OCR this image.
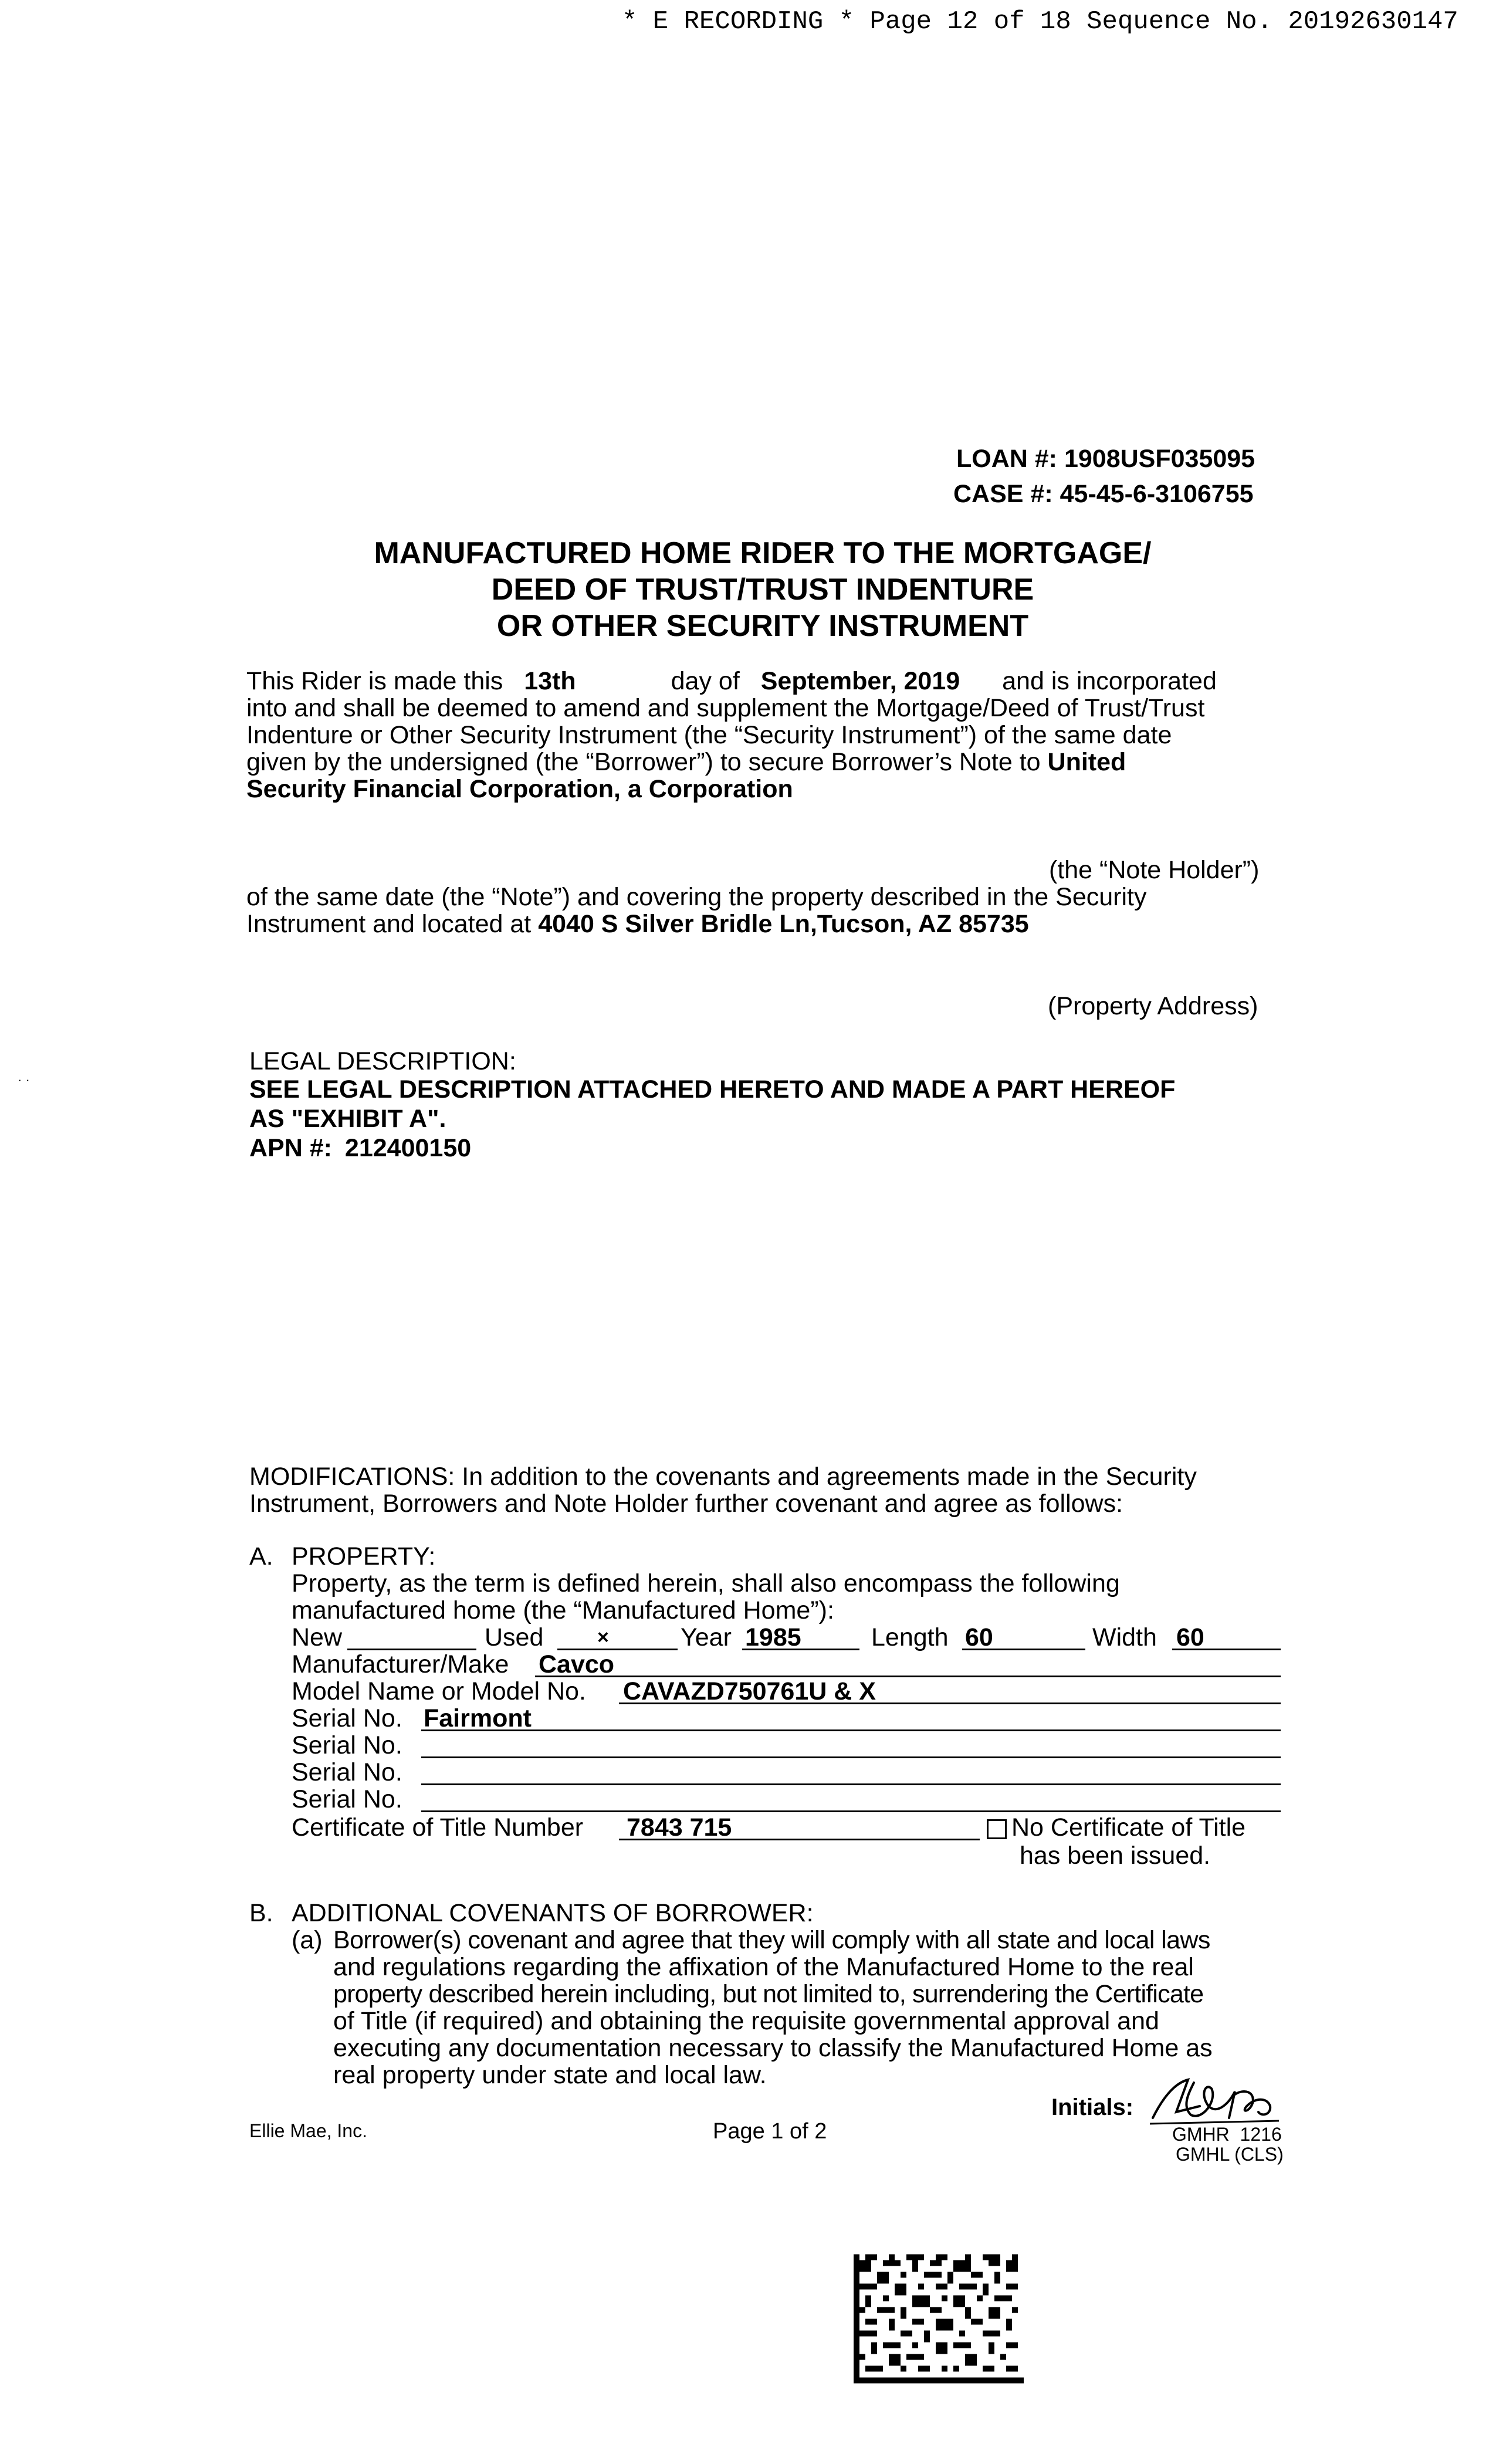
* E RECORDING * Page 12 of 18 Sequence No. 20192630147
LOAN #: 1908USF035095
CASE #: 45-45-6-3106755
MANUFACTURED HOME RIDER TO THE MORTGAGE/
DEED OF TRUST/TRUST INDENTURE
OR OTHER SECURITY INSTRUMENT
This Rider is made this 13th	day of September, 2019 and is incorporated
into and shall be deemed to amend and supplement the Mortgage/Deed of Trust/Trust
Indenture or Other Security Instrument (the “Security Instrument”) of the same date
given by the undersigned (the “Borrower”) to secure Borrower’s Note to United
Security Financial Corporation, a Corporation
(the “Note Holder”)
of the same date (the “Note”) and covering the property described in the Security
Instrument and located at 4040 S Silver Bridle Ln,Tucson, AZ 85735
(Property Address)
· ·
LEGAL DESCRIPTION:
SEE LEGAL DESCRIPTION ATTACHED HERETO AND MADE A PART HEREOF
AS "EXHIBIT A".
APN #: 212400150
MODIFICATIONS: In addition to the covenants and agreements made in the Security
Instrument, Borrowers and Note Holder further covenant and agree as follows:
A. PROPERTY:
Property, as the term is defined herein, shall also encompass the following
manufactured home (the “Manufactured Home”):
New	Used	×	Year 1985	Length 60	Width 60
Manufacturer/Make Cavco
Model Name or Model No. CAVAZD750761U & X
Serial No. Fairmont
Serial No.
Serial No.
Serial No.
Certificate of Title Number 7843 715	No Certificate of Title
has been issued.
B. ADDITIONAL COVENANTS OF BORROWER:
(a) Borrower(s) covenant and agree that they will comply with all state and local laws
and regulations regarding the affixation of the Manufactured Home to the real
property described herein including, but not limited to, surrendering the Certificate
of Title (if required) and obtaining the requisite governmental approval and
executing any documentation necessary to classify the Manufactured Home as
real property under state and local law.
Initials:
Ellie Mae, Inc.	Page 1 of 2	GMHR  1216
GMHL (CLS)
